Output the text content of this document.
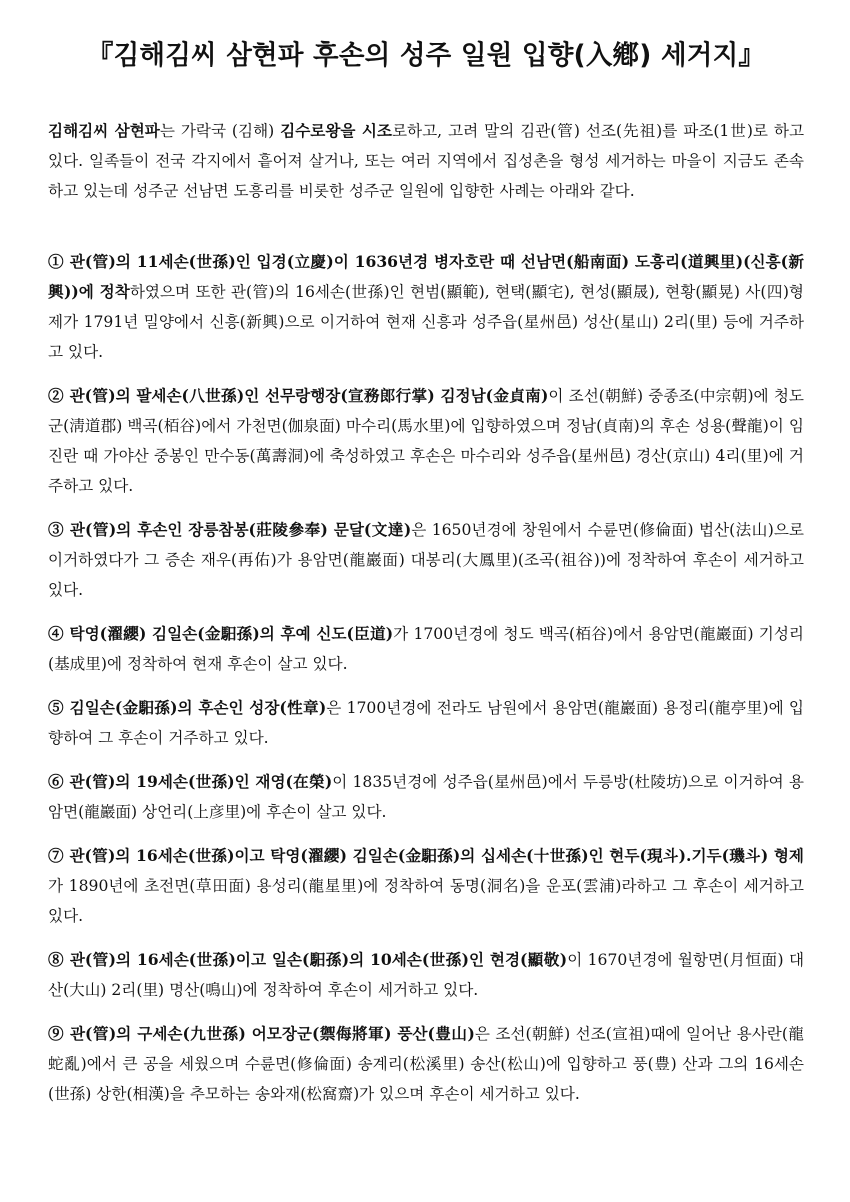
『김해김씨 삼현파 후손의 성주 일원 입향(入鄕) 세거지』

김해김씨 삼현파는 가락국 (김해) 김수로왕을 시조로하고, 고려 말의 김관(管) 선조(先祖)를 파조(1世)로 하고 있다. 일족들이 전국 각지에서 흩어져 살거나, 또는 여러 지역에서 집성촌을 형성 세거하는 마을이 지금도 존속하고 있는데 성주군 선남면 도흥리를 비롯한 성주군 일원에 입향한 사례는 아래와 같다.

① 관(管)의 11세손(世孫)인 입경(立慶)이 1636년경 병자호란 때 선남면(船南面) 도흥리(道興里)(신흥(新興))에 정착하였으며 또한 관(管)의 16세손(世孫)인 현범(顯範), 현택(顯宅), 현성(顯晟), 현황(顯晃) 사(四)형제가 1791년 밀양에서 신흥(新興)으로 이거하여 현재 신흥과 성주읍(星州邑) 성산(星山) 2리(里) 등에 거주하고 있다.

② 관(管)의 팔세손(八世孫)인 선무랑행장(宣務郎行掌) 김정남(金貞南)이 조선(朝鮮) 중종조(中宗朝)에 청도군(淸道郡) 백곡(栢谷)에서 가천면(伽泉面) 마수리(馬水里)에 입향하였으며 정남(貞南)의 후손 성용(聲龍)이 임진란 때 가야산 중봉인 만수동(萬壽洞)에 축성하였고 후손은 마수리와 성주읍(星州邑) 경산(京山) 4리(里)에 거주하고 있다.

③ 관(管)의 후손인 장릉참봉(莊陵參奉) 문달(文達)은 1650년경에 창원에서 수륜면(修倫面) 법산(法山)으로 이거하였다가 그 증손 재우(再佑)가 용암면(龍巖面) 대봉리(大鳳里)(조곡(祖谷))에 정착하여 후손이 세거하고 있다.

④ 탁영(濯纓) 김일손(金馹孫)의 후예 신도(臣道)가 1700년경에 청도 백곡(栢谷)에서 용암면(龍巖面) 기성리(基成里)에 정착하여 현재 후손이 살고 있다.

⑤ 김일손(金馹孫)의 후손인 성장(性章)은 1700년경에 전라도 남원에서 용암면(龍巖面) 용정리(龍亭里)에 입향하여 그 후손이 거주하고 있다.

⑥ 관(管)의 19세손(世孫)인 재영(在榮)이 1835년경에 성주읍(星州邑)에서 두릉방(杜陵坊)으로 이거하여 용암면(龍巖面) 상언리(上彦里)에 후손이 살고 있다.

⑦ 관(管)의 16세손(世孫)이고 탁영(濯纓) 김일손(金馹孫)의 십세손(十世孫)인 현두(現斗).기두(璣斗) 형제가 1890년에 초전면(草田面) 용성리(龍星里)에 정착하여 동명(洞名)을 운포(雲浦)라하고 그 후손이 세거하고 있다.

⑧ 관(管)의 16세손(世孫)이고 일손(馹孫)의 10세손(世孫)인 현경(顯敬)이 1670년경에 월항면(月恒面) 대산(大山) 2리(里) 명산(鳴山)에 정착하여 후손이 세거하고 있다.

⑨ 관(管)의 구세손(九世孫) 어모장군(禦侮將軍) 풍산(豊山)은 조선(朝鮮) 선조(宣祖)때에 일어난 용사란(龍蛇亂)에서 큰 공을 세웠으며 수륜면(修倫面) 송계리(松溪里) 송산(松山)에 입향하고 풍(豊) 산과 그의 16세손(世孫) 상한(相漢)을 추모하는 송와재(松窩齋)가 있으며 후손이 세거하고 있다.
